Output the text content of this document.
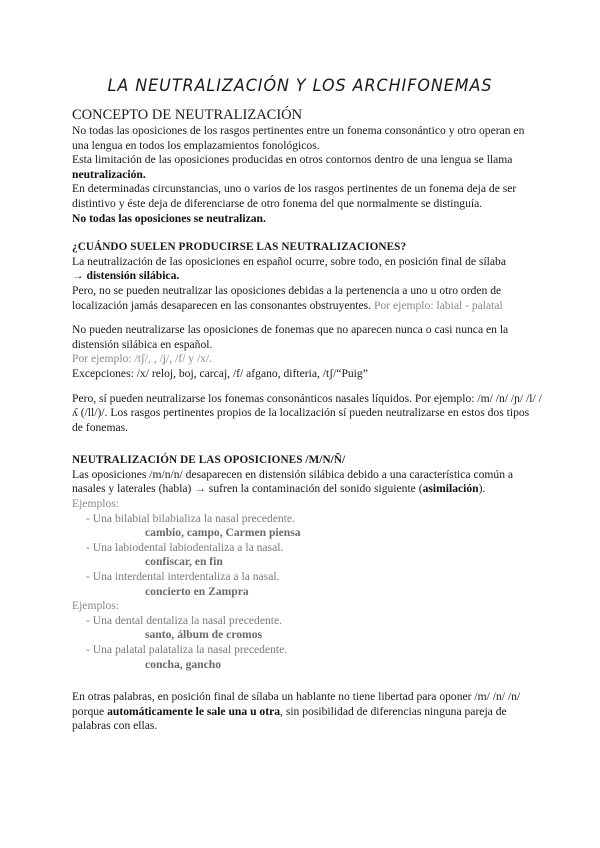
LA NEUTRALIZACIÓN Y LOS ARCHIFONEMAS
CONCEPTO DE NEUTRALIZACIÓN

No todas las oposiciones de los rasgos pertinentes entre un fonema consonántico y otro operan en una lengua en todos los emplazamientos fonológicos.

Esta limitación de las oposiciones producidas en otros contornos dentro de una lengua se llama neutralización.

En determinadas circunstancias, uno o varios de los rasgos pertinentes de un fonema deja de ser distintivo y éste deja de diferenciarse de otro fonema del que normalmente se distinguía.

No todas las oposiciones se neutralizan.

¿CUÁNDO SUELEN PRODUCIRSE LAS NEUTRALIZACIONES?

La neutralización de las oposiciones en español ocurre, sobre todo, en posición final de sílaba

→ distensión silábica.

Pero, no se pueden neutralizar las oposiciones debidas a la pertenencia a uno u otro orden de localización jamás desaparecen en las consonantes obstruyentes. Por ejemplo: labial - palatal

No pueden neutralizarse las oposiciones de fonemas que no aparecen nunca o casi nunca en la distensión silábica en español.

Por ejemplo: /tʃ/, , /ʝ/, /f/ y /x/.

Excepciones: /x/ reloj, boj, carcaj, /f/ afgano, difteria, /tʃ/“Puig”

Pero, sí pueden neutralizarse los fonemas consonánticos nasales líquidos. Por ejemplo: /m/ /n/ /ɲ/ /l/ /ʎ (/ll/)/. Los rasgos pertinentes propios de la localización sí pueden neutralizarse en estos dos tipos de fonemas.

NEUTRALIZACIÓN DE LAS OPOSICIONES /M/N/Ñ/

Las oposiciones /m/n/n/ desaparecen en distensión silábica debido a una característica común a nasales y laterales (habla) → sufren la contaminación del sonido siguiente (asimilación).

Ejemplos:

- Una bilabial bilabializa la nasal precedente.

cambio, campo, Carmen piensa

- Una labiodental labiodentaliza a la nasal.

confiscar, en fin

- Una interdental interdentaliza a la nasal.

concierto en Zampra

Ejemplos:

- Una dental dentaliza la nasal precedente.

santo, álbum de cromos

- Una palatal palataliza la nasal precedente.

concha, gancho

En otras palabras, en posición final de sílaba un hablante no tiene libertad para oponer /m/ /n/ /n/ porque automáticamente le sale una u otra, sin posibilidad de diferencias ninguna pareja de palabras con ellas.
